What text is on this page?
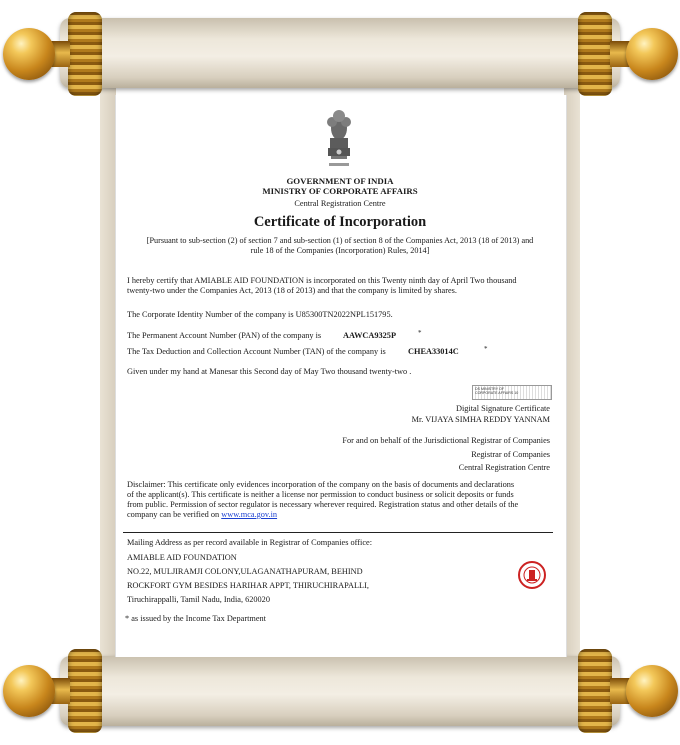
GOVERNMENT OF INDIA
MINISTRY OF CORPORATE AFFAIRS
Central Registration Centre
Certificate of Incorporation
[Pursuant to sub-section (2) of section 7 and sub-section (1) of section 8 of the Companies Act, 2013 (18 of 2013) and
rule 18 of the Companies (Incorporation) Rules, 2014]
I hereby certify that AMIABLE AID FOUNDATION is incorporated on this Twenty ninth day of April Two thousand
twenty-two under the Companies Act, 2013 (18 of 2013) and that the company is limited by shares.
The Corporate Identity Number of the company is U85300TN2022NPL151795.
The Permanent Account Number (PAN) of the company is	AAWCA9325P	*
The Tax Deduction and Collection Account Number (TAN) of the company is	CHEA33014C	*
Given under my hand at Manesar this Second day of May Two thousand twenty-two .
DS MINISTRY OF
CORPORATE AFFAIRS 10
Digital Signature Certificate
Mr. VIJAYA SIMHA REDDY YANNAM
For and on behalf of the Jurisdictional Registrar of Companies
Registrar of Companies
Central Registration Centre
Disclaimer: This certificate only evidences incorporation of the company on the basis of documents and declarations
of the applicant(s). This certificate is neither a license nor permission to conduct business or solicit deposits or funds
from public. Permission of sector regulator is necessary wherever required. Registration status and other details of the
company can be verified on www.mca.gov.in
Mailing Address as per record available in Registrar of Companies office:
AMIABLE AID FOUNDATION
NO.22, MULJIRAMJI COLONY,ULAGANATHAPURAM, BEHIND
ROCKFORT GYM BESIDES HARIHAR APPT, THIRUCHIRAPALLI,
Tiruchirappalli, Tamil Nadu, India, 620020
* as issued by the Income Tax Department
